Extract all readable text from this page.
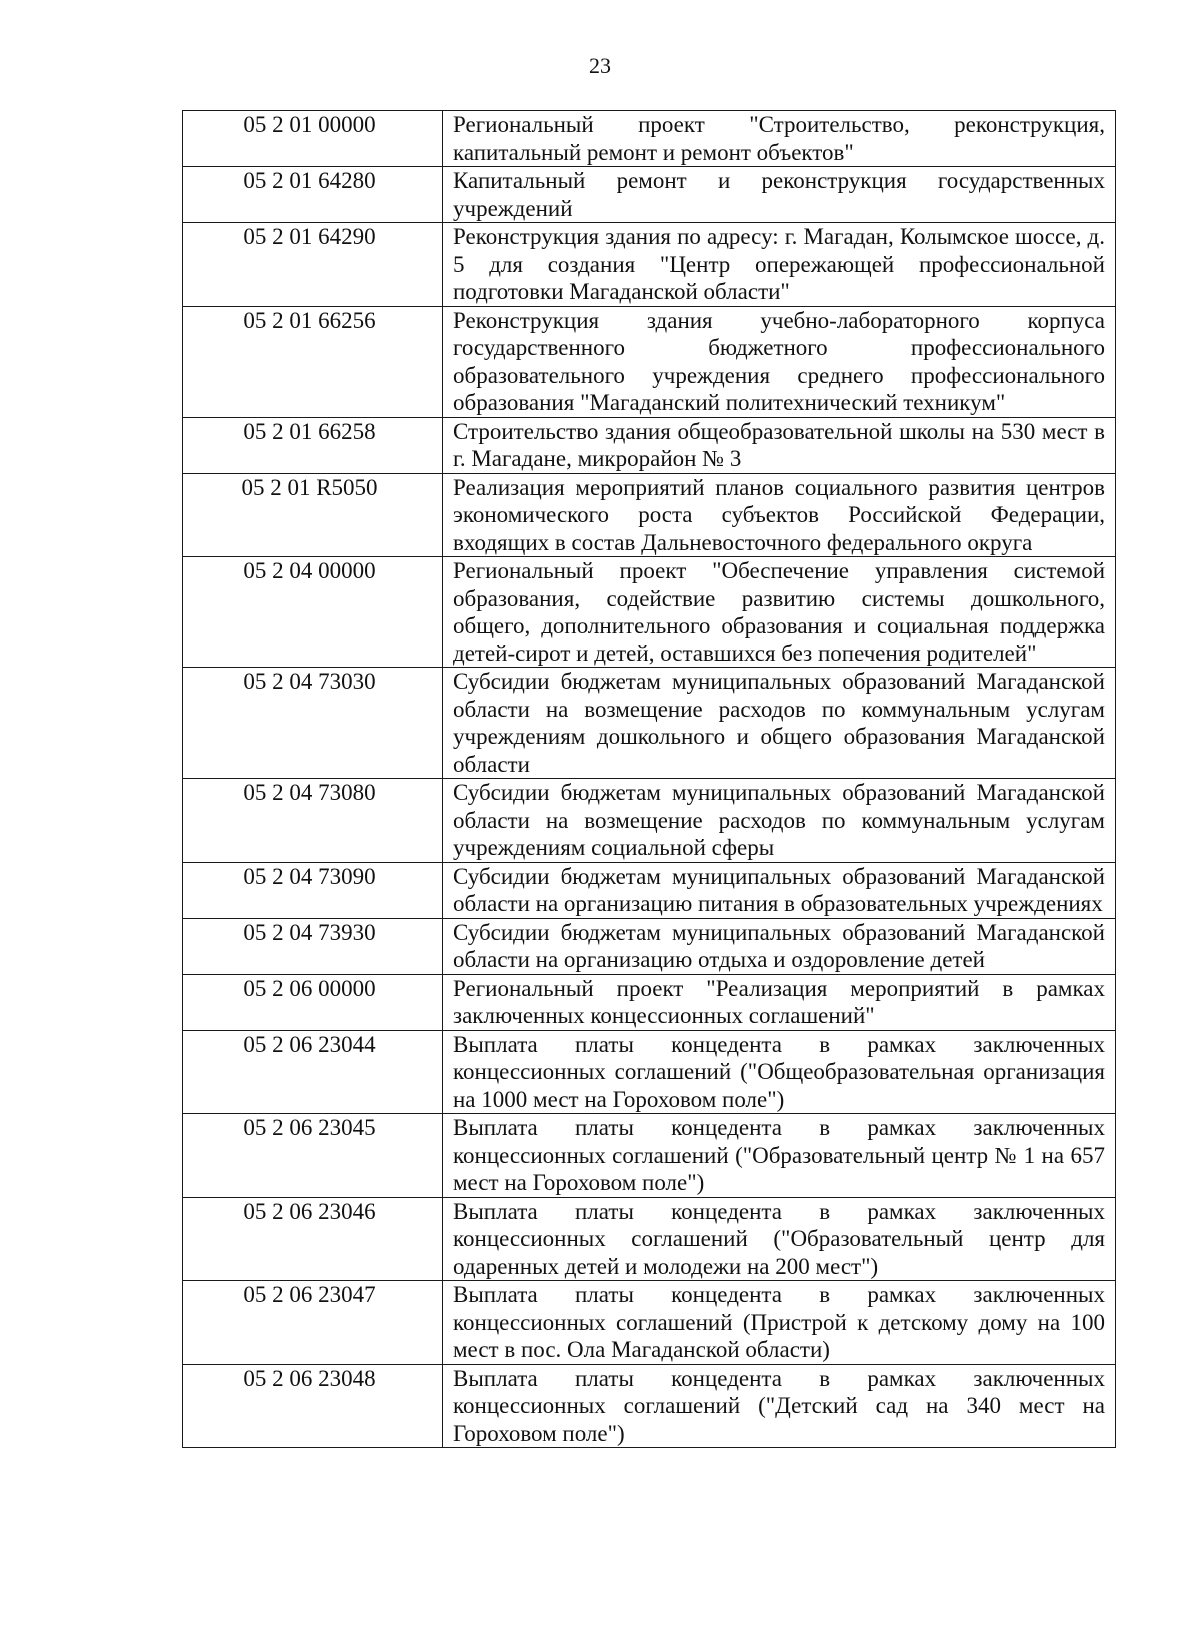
23
05 2 01 00000	Региональный проект "Строительство, реконструкция, капитальный ремонт и ремонт объектов"
05 2 01 64280	Капитальный ремонт и реконструкция государственных учреждений
05 2 01 64290	Реконструкция здания по адресу: г. Магадан, Колымское шоссе, д. 5 для создания "Центр опережающей профессиональной подготовки Магаданской области"
05 2 01 66256	Реконструкция здания учебно-лабораторного корпуса государственного бюджетного профессионального образовательного учреждения среднего профессионального образования "Магаданский политехнический техникум"
05 2 01 66258	Строительство здания общеобразовательной школы на 530 мест в г. Магадане, микрорайон № 3
05 2 01 R5050	Реализация мероприятий планов социального развития центров экономического роста субъектов Российской Федерации, входящих в состав Дальневосточного федерального округа
05 2 04 00000	Региональный проект "Обеспечение управления системой образования, содействие развитию системы дошкольного, общего, дополнительного образования и социальная поддержка детей-сирот и детей, оставшихся без попечения родителей"
05 2 04 73030	Субсидии бюджетам муниципальных образований Магаданской области на возмещение расходов по коммунальным услугам учреждениям дошкольного и общего образования Магаданской области
05 2 04 73080	Субсидии бюджетам муниципальных образований Магаданской области на возмещение расходов по коммунальным услугам учреждениям социальной сферы
05 2 04 73090	Субсидии бюджетам муниципальных образований Магаданской области на организацию питания в образовательных учреждениях
05 2 04 73930	Субсидии бюджетам муниципальных образований Магаданской области на организацию отдыха и оздоровление детей
05 2 06 00000	Региональный проект "Реализация мероприятий в рамках заключенных концессионных соглашений"
05 2 06 23044	Выплата платы концедента в рамках заключенных концессионных соглашений ("Общеобразовательная организация на 1000 мест на Гороховом поле")
05 2 06 23045	Выплата платы концедента в рамках заключенных концессионных соглашений ("Образовательный центр № 1 на 657 мест на Гороховом поле")
05 2 06 23046	Выплата платы концедента в рамках заключенных концессионных соглашений ("Образовательный центр для одаренных детей и молодежи на 200 мест")
05 2 06 23047	Выплата платы концедента в рамках заключенных концессионных соглашений (Пристрой к детскому дому на 100 мест в пос. Ола Магаданской области)
05 2 06 23048	Выплата платы концедента в рамках заключенных концессионных соглашений ("Детский сад на 340 мест на Гороховом поле")
